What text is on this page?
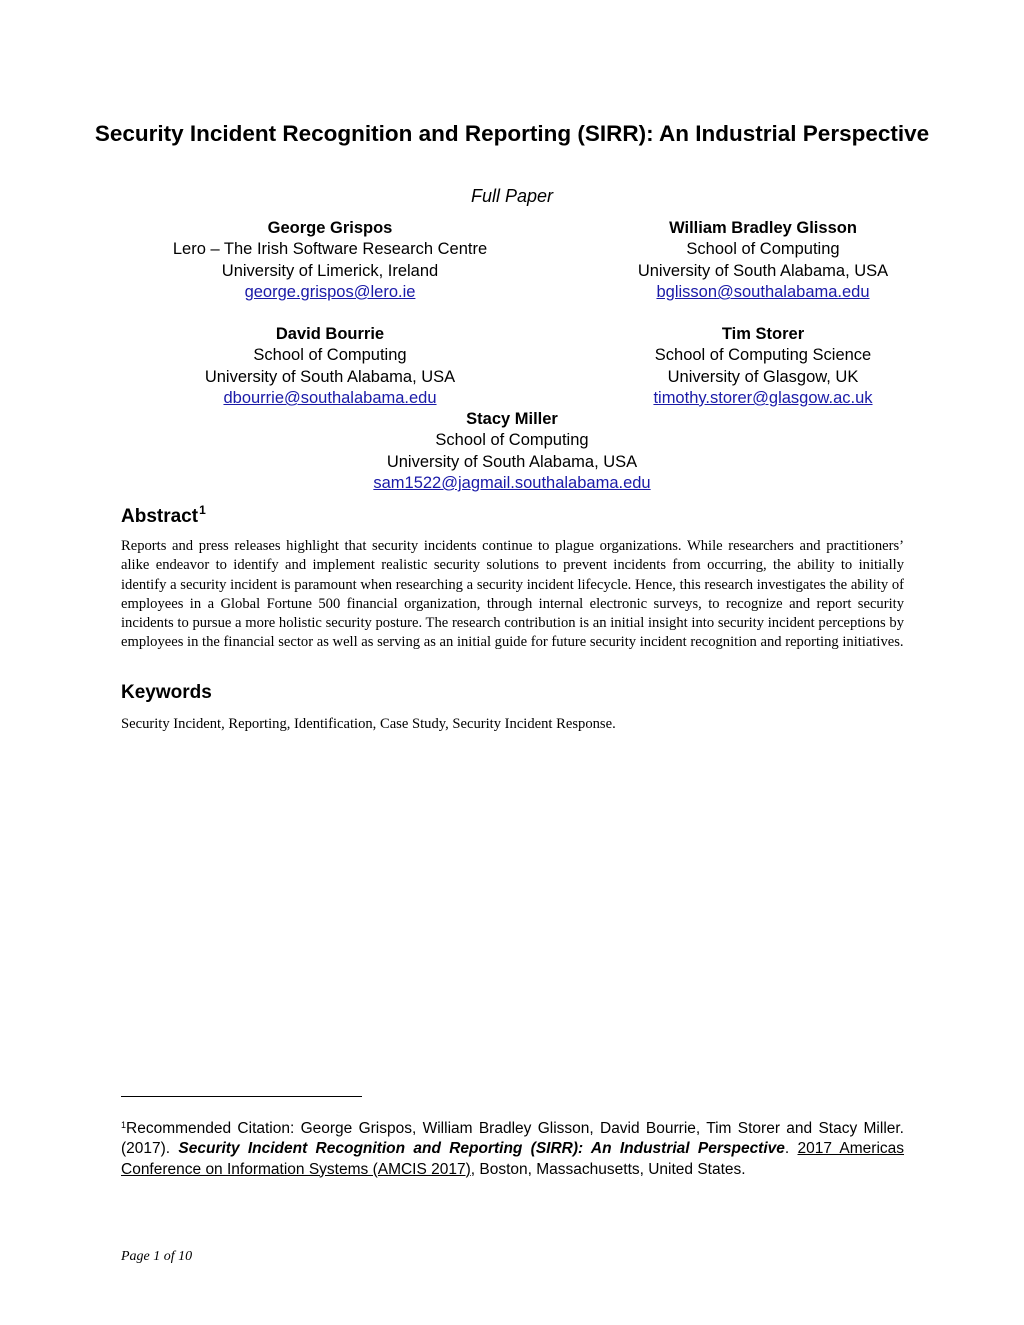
Security Incident Recognition and Reporting (SIRR): An Industrial Perspective
Full Paper
George Grispos
Lero – The Irish Software Research Centre
University of Limerick, Ireland
george.grispos@lero.ie
William Bradley Glisson
School of Computing
University of South Alabama, USA
bglisson@southalabama.edu
David Bourrie
School of Computing
University of South Alabama, USA
dbourrie@southalabama.edu
Tim Storer
School of Computing Science
University of Glasgow, UK
timothy.storer@glasgow.ac.uk
Stacy Miller
School of Computing
University of South Alabama, USA
sam1522@jagmail.southalabama.edu
Abstract$^1$
Reports and press releases highlight that security incidents continue to plague organizations. While researchers and practitioners’ alike endeavor to identify and implement realistic security solutions to prevent incidents from occurring, the ability to initially identify a security incident is paramount when researching a security incident lifecycle. Hence, this research investigates the ability of employees in a Global Fortune 500 financial organization, through internal electronic surveys, to recognize and report security incidents to pursue a more holistic security posture. The research contribution is an initial insight into security incident perceptions by employees in the financial sector as well as serving as an initial guide for future security incident recognition and reporting initiatives.
Keywords
Security Incident, Reporting, Identification, Case Study, Security Incident Response.
$^1$Recommended Citation: George Grispos, William Bradley Glisson, David Bourrie, Tim Storer and Stacy Miller. (2017). Security Incident Recognition and Reporting (SIRR): An Industrial Perspective. 2017 Americas Conference on Information Systems (AMCIS 2017), Boston, Massachusetts, United States.
Page 1 of 10
